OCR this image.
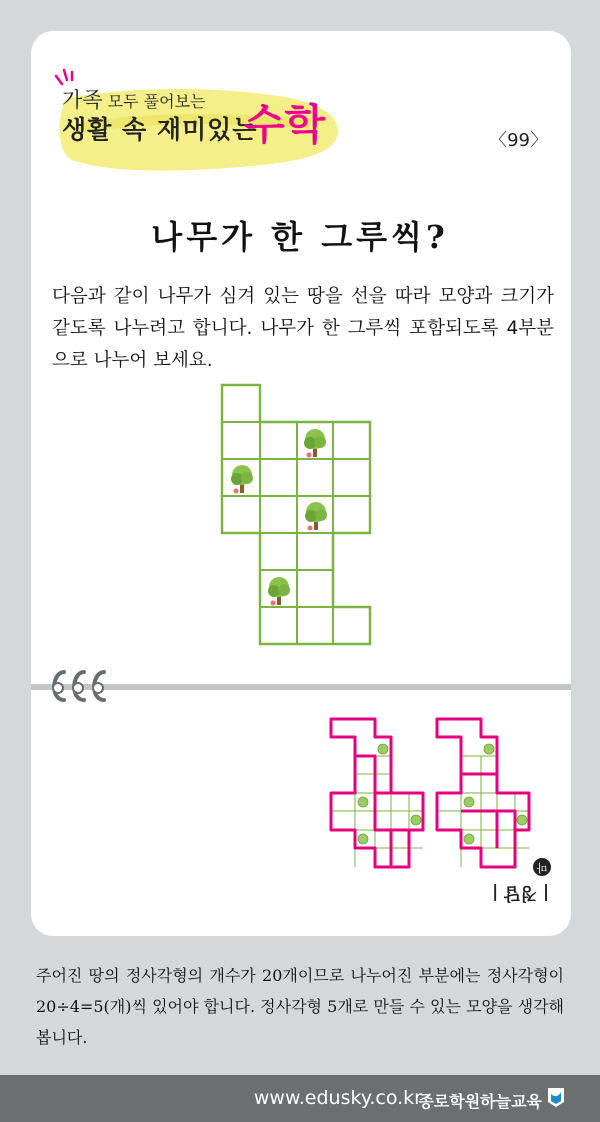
가족 모두 풀어보는
생활 속 재미있는
수학	〈99〉
나무가 한 그루씩?
다음과 같이 나무가 심겨 있는 땅을 선을 따라 모양과 크기가 같도록 나누려고 합니다. 나무가 한 그루씩 포함되도록 4부분으로 나누어 보세요.
마
| 정답 |
주어진 땅의 정사각형의 개수가 20개이므로 나누어진 부분에는 정사각형이 20÷4=5(개)씩 있어야 합니다. 정사각형 5개로 만들 수 있는 모양을 생각해 봅니다.
www.edusky.co.kr
종로학원하늘교육
